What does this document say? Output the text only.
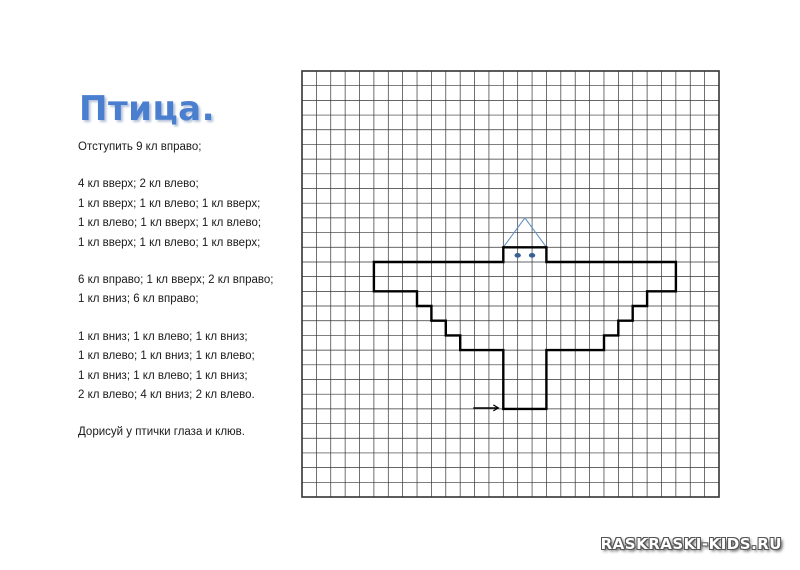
Птица.
Отступить 9 кл вправо;
4 кл вверх; 2 кл влево;
1 кл вверх; 1 кл влево; 1 кл вверх;
1 кл влево; 1 кл вверх; 1 кл влево;
1 кл вверх; 1 кл влево; 1 кл вверх;
6 кл вправо; 1 кл вверх; 2 кл вправо;
1 кл вниз; 6 кл вправо;
1 кл вниз; 1 кл влево; 1 кл вниз;
1 кл влево; 1 кл вниз; 1 кл влево;
1 кл вниз; 1 кл влево; 1 кл вниз;
2 кл влево; 4 кл вниз; 2 кл влево.
Дорисуй у птички глаза и клюв.
RASKRASKI-KIDS.RU
